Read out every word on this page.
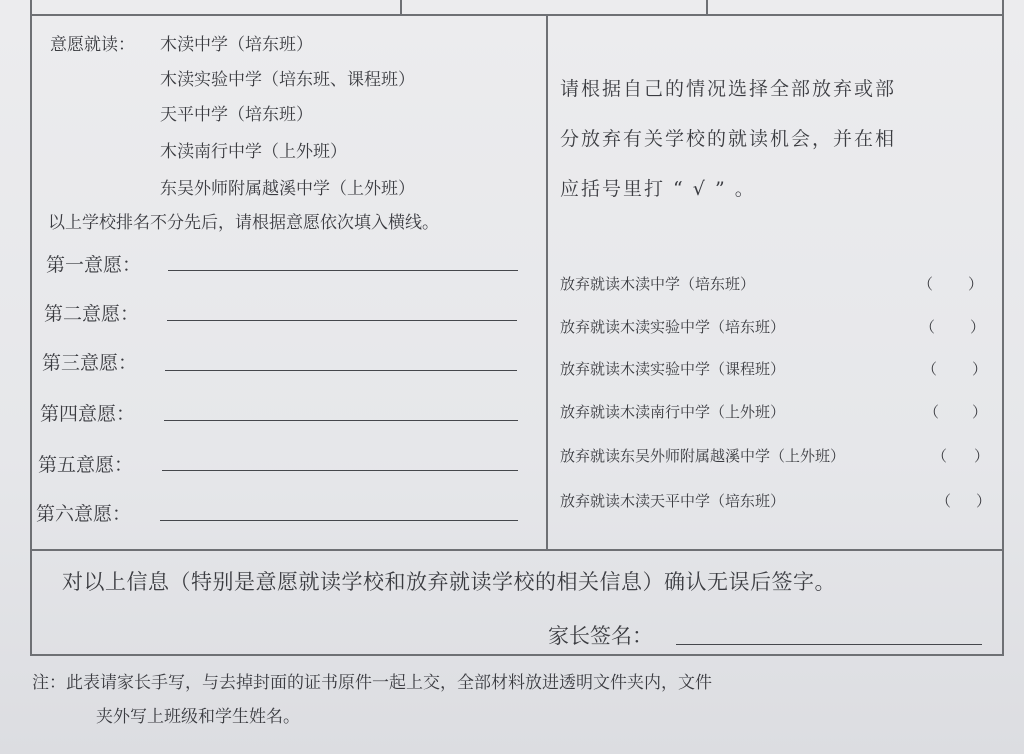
意愿就读： 木渎中学（培东班）
木渎实验中学（培东班、课程班）
天平中学（培东班）
木渎南行中学（上外班）
东吴外师附属越溪中学（上外班）
以上学校排名不分先后，请根据意愿依次填入横线。
第一意愿：
第二意愿：
第三意愿：
第四意愿：
第五意愿：
第六意愿：
请根据自己的情况选择全部放弃或部
分放弃有关学校的就读机会，并在相
应括号里打 “ √ ” 。
放弃就读木渎中学（培东班）	（ ）
放弃就读木渎实验中学（培东班）	（ ）
放弃就读木渎实验中学（课程班）	（ ）
放弃就读木渎南行中学（上外班）	（ ）
放弃就读东吴外师附属越溪中学（上外班）	（ ）
放弃就读木渎天平中学（培东班）	（ ）
对以上信息（特别是意愿就读学校和放弃就读学校的相关信息）确认无误后签字。
家长签名：
注：此表请家长手写，与去掉封面的证书原件一起上交，全部材料放进透明文件夹内，文件
夹外写上班级和学生姓名。
